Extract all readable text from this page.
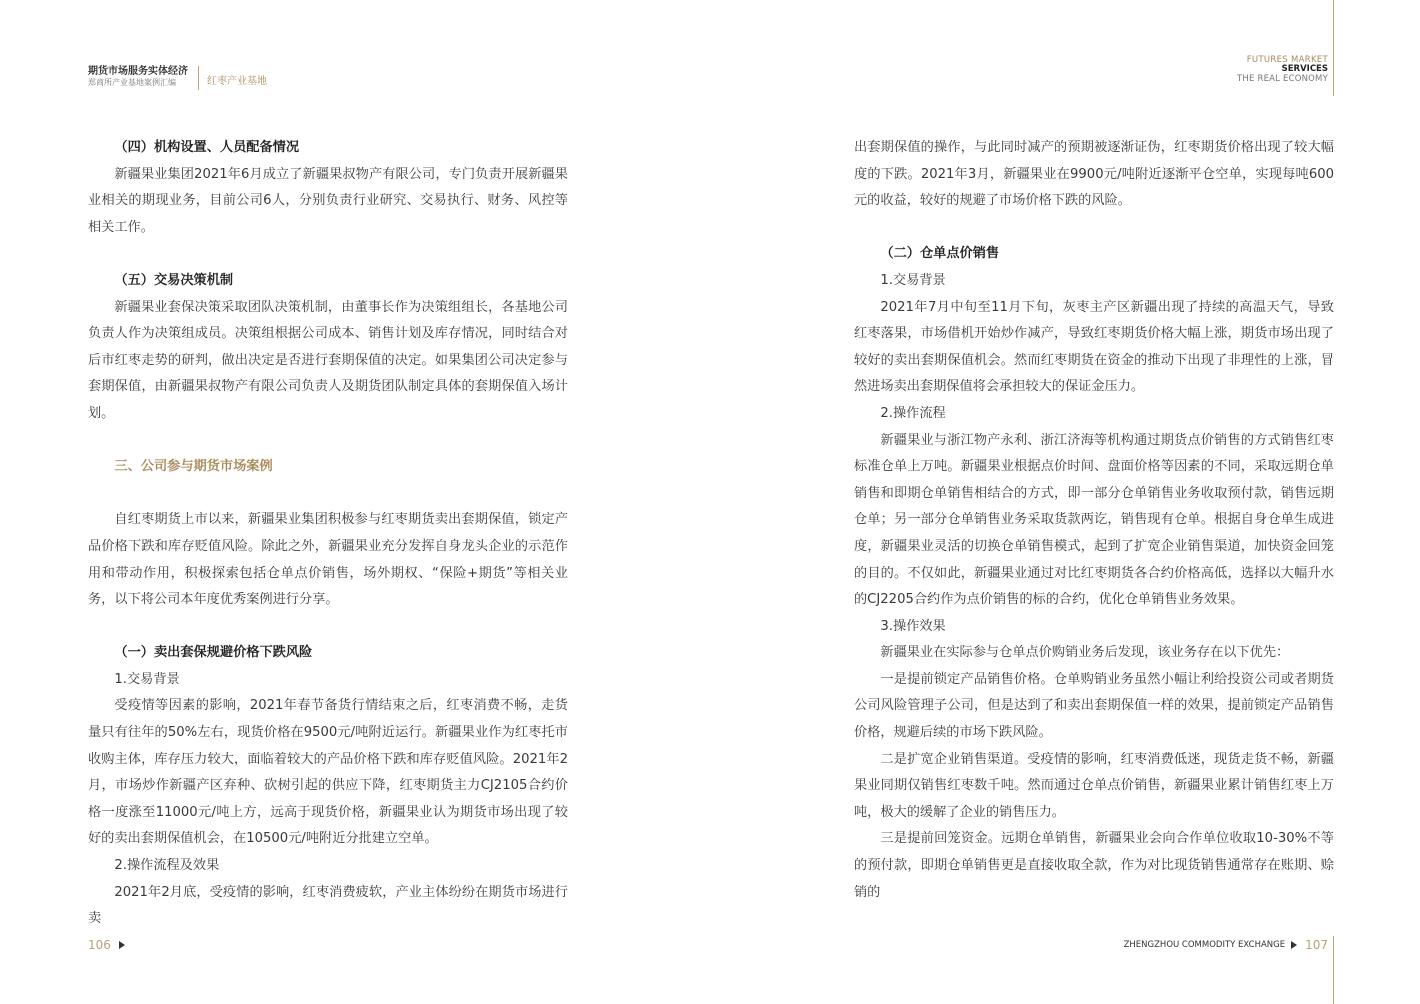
期货市场服务实体经济
郑商所产业基地案例汇编	红枣产业基地
FUTURES MARKET
SERVICES
THE REAL ECONOMY
（四）机构设置、人员配备情况

新疆果业集团2021年6月成立了新疆果叔物产有限公司，专门负责开展新疆果业相关的期现业务，目前公司6人，分别负责行业研究、交易执行、财务、风控等相关工作。

（五）交易决策机制

新疆果业套保决策采取团队决策机制，由董事长作为决策组组长，各基地公司负责人作为决策组成员。决策组根据公司成本、销售计划及库存情况，同时结合对后市红枣走势的研判，做出决定是否进行套期保值的决定。如果集团公司决定参与套期保值，由新疆果叔物产有限公司负责人及期货团队制定具体的套期保值入场计划。

三、公司参与期货市场案例

自红枣期货上市以来，新疆果业集团积极参与红枣期货卖出套期保值，锁定产品价格下跌和库存贬值风险。除此之外，新疆果业充分发挥自身龙头企业的示范作用和带动作用，积极探索包括仓单点价销售，场外期权、“保险+期货”等相关业务，以下将公司本年度优秀案例进行分享。

（一）卖出套保规避价格下跌风险

1.交易背景

受疫情等因素的影响，2021年春节备货行情结束之后，红枣消费不畅，走货量只有往年的50%左右，现货价格在9500元/吨附近运行。新疆果业作为红枣托市收购主体，库存压力较大，面临着较大的产品价格下跌和库存贬值风险。2021年2月，市场炒作新疆产区弃种、砍树引起的供应下降，红枣期货主力CJ2105合约价格一度涨至11000元/吨上方，远高于现货价格，新疆果业认为期货市场出现了较好的卖出套期保值机会，在10500元/吨附近分批建立空单。

2.操作流程及效果

2021年2月底，受疫情的影响，红枣消费疲软，产业主体纷纷在期货市场进行卖

出套期保值的操作，与此同时减产的预期被逐渐证伪，红枣期货价格出现了较大幅度的下跌。2021年3月，新疆果业在9900元/吨附近逐渐平仓空单，实现每吨600元的收益，较好的规避了市场价格下跌的风险。

（二）仓单点价销售

1.交易背景

2021年7月中旬至11月下旬，灰枣主产区新疆出现了持续的高温天气，导致红枣落果，市场借机开始炒作减产，导致红枣期货价格大幅上涨，期货市场出现了较好的卖出套期保值机会。然而红枣期货在资金的推动下出现了非理性的上涨，冒然进场卖出套期保值将会承担较大的保证金压力。

2.操作流程

新疆果业与浙江物产永利、浙江济海等机构通过期货点价销售的方式销售红枣标准仓单上万吨。新疆果业根据点价时间、盘面价格等因素的不同，采取远期仓单销售和即期仓单销售相结合的方式，即一部分仓单销售业务收取预付款，销售远期仓单；另一部分仓单销售业务采取货款两讫，销售现有仓单。根据自身仓单生成进度，新疆果业灵活的切换仓单销售模式，起到了扩宽企业销售渠道，加快资金回笼的目的。不仅如此，新疆果业通过对比红枣期货各合约价格高低，选择以大幅升水的CJ2205合约作为点价销售的标的合约，优化仓单销售业务效果。

3.操作效果

新疆果业在实际参与仓单点价购销业务后发现，该业务存在以下优先：

一是提前锁定产品销售价格。仓单购销业务虽然小幅让利给投资公司或者期货公司风险管理子公司，但是达到了和卖出套期保值一样的效果，提前锁定产品销售价格，规避后续的市场下跌风险。

二是扩宽企业销售渠道。受疫情的影响，红枣消费低迷，现货走货不畅，新疆果业同期仅销售红枣数千吨。然而通过仓单点价销售，新疆果业累计销售红枣上万吨，极大的缓解了企业的销售压力。

三是提前回笼资金。远期仓单销售，新疆果业会向合作单位收取10-30%不等的预付款，即期仓单销售更是直接收取全款，作为对比现货销售通常存在账期、赊销的

106	ZHENGZHOU COMMODITY EXCHANGE 107
